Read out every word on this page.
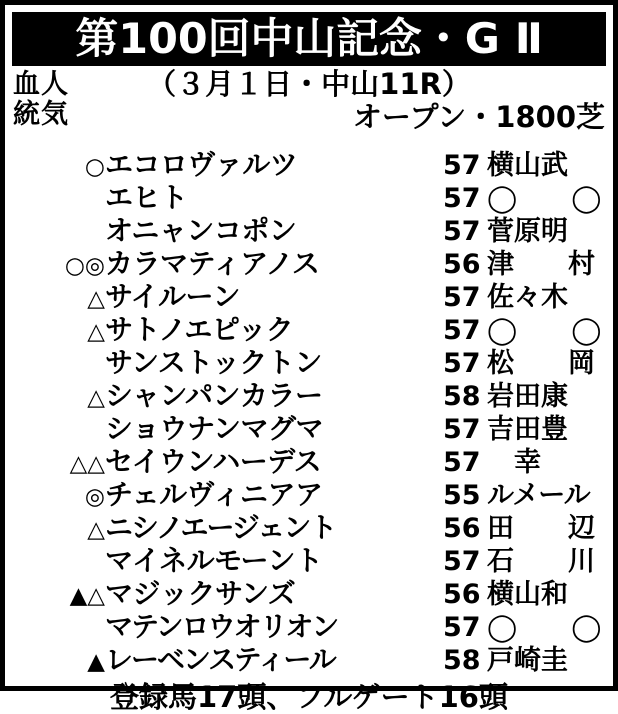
第100回中山記念・G Ⅱ
血人
統気
（３月１日・中山11R）
オープン・1800芝
○ エコロヴァルツ	57 横山武
エヒト	57 ◯　　◯
オニャンコポン	57 菅原明
○◎ カラマティアノス	56 津　　村
△ サイルーン	57 佐々木
△ サトノエピック	57 ◯　　◯
サンストックトン	57 松　　岡
△ シャンパンカラー	58 岩田康
ショウナンマグマ	57 吉田豊
△△ セイウンハーデス	57 　幸　
◎ チェルヴィニアア	55 ルメール
△ ニシノエージェント	56 田　　辺
マイネルモーント	57 石　　川
▲△ マジックサンズ	56 横山和
マテンロウオリオン	57 ◯　　◯
▲ レーベンスティール	58 戸崎圭
登録馬17頭、フルゲート16頭
